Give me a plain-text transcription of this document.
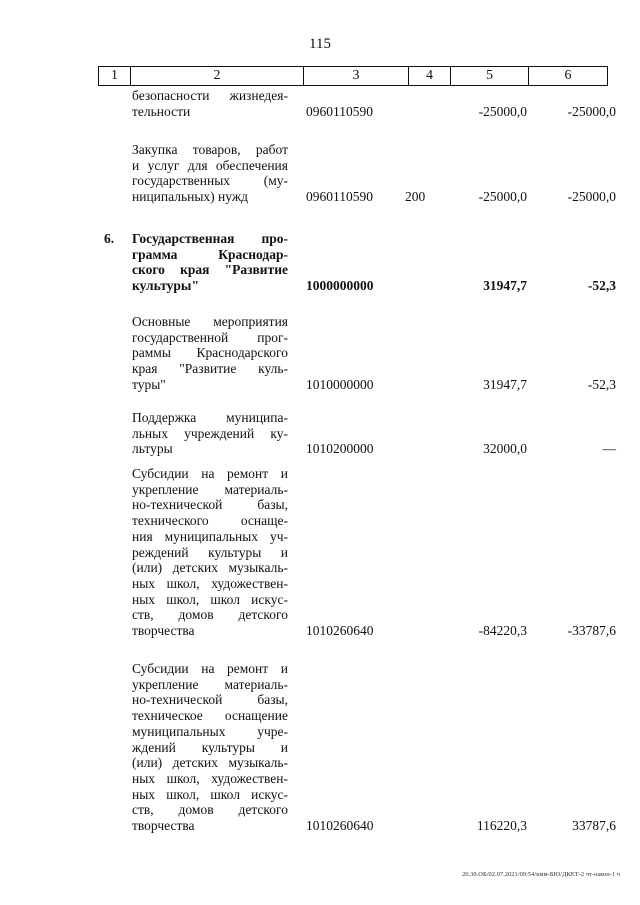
115
1	2	3	4	5	6
безопасности жизнедея-
тельности	0960110590	-25000,0	-25000,0
Закупка товаров, работ
и услуг для обеспечения
государственных (му-
ниципальных) нужд	0960110590 200	-25000,0	-25000,0
6. Государственная про-
грамма Краснодар-
ского края "Развитие
культуры"	1000000000	31947,7	-52,3
Основные мероприятия
государственной прог-
раммы Краснодарского
края "Развитие куль-
туры"	1010000000	31947,7	-52,3
Поддержка муниципа-
льных учреждений ку-
льтуры	1010200000	32000,0	—
Субсидии на ремонт и
укрепление материаль-
но-технической базы,
технического оснаще-
ния муниципальных уч-
реждений культуры и
(или) детских музыкаль-
ных школ, художествен-
ных школ, школ искус-
ств, домов детского
творчества	1010260640	-84220,3	-33787,6
Субсидии на ремонт и
укрепление материаль-
но-технической базы,
техническое оснащение
муниципальных учре-
ждений культуры и
(или) детских музыкаль-
ных школ, художествен-
ных школ, школ искус-
ств, домов детского
творчества	1010260640	116220,3	33787,6
20.30.ОБ/02.07.2021/09:54/кмм-БЮ/ДКЕТ-2 чт-оакоп-1 ч
